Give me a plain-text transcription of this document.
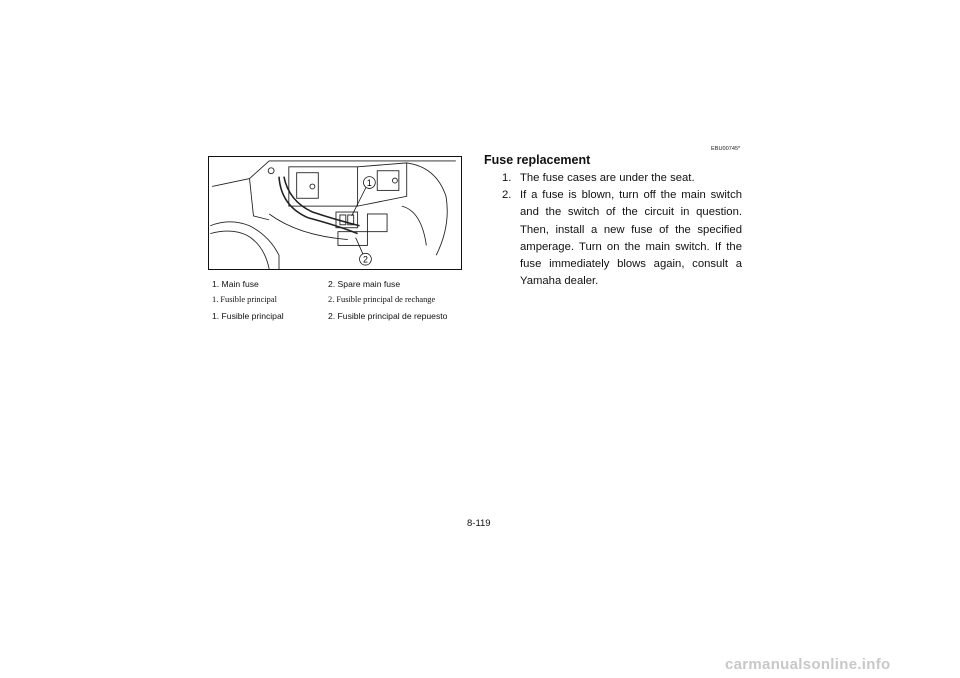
1
2
1. Main fuse	2. Spare main fuse
1. Fusible principal	2. Fusible principal de rechange
1. Fusible principal	2. Fusible principal de repuesto
EBU00745*
Fuse replacement
1. The fuse cases are under the seat.
2. If a fuse is blown, turn off the main switch and the switch of the circuit in question. Then, install a new fuse of the specified amperage. Turn on the main switch. If the fuse immediately blows again, consult a Yamaha dealer.
8-119
carmanualsonline.info
